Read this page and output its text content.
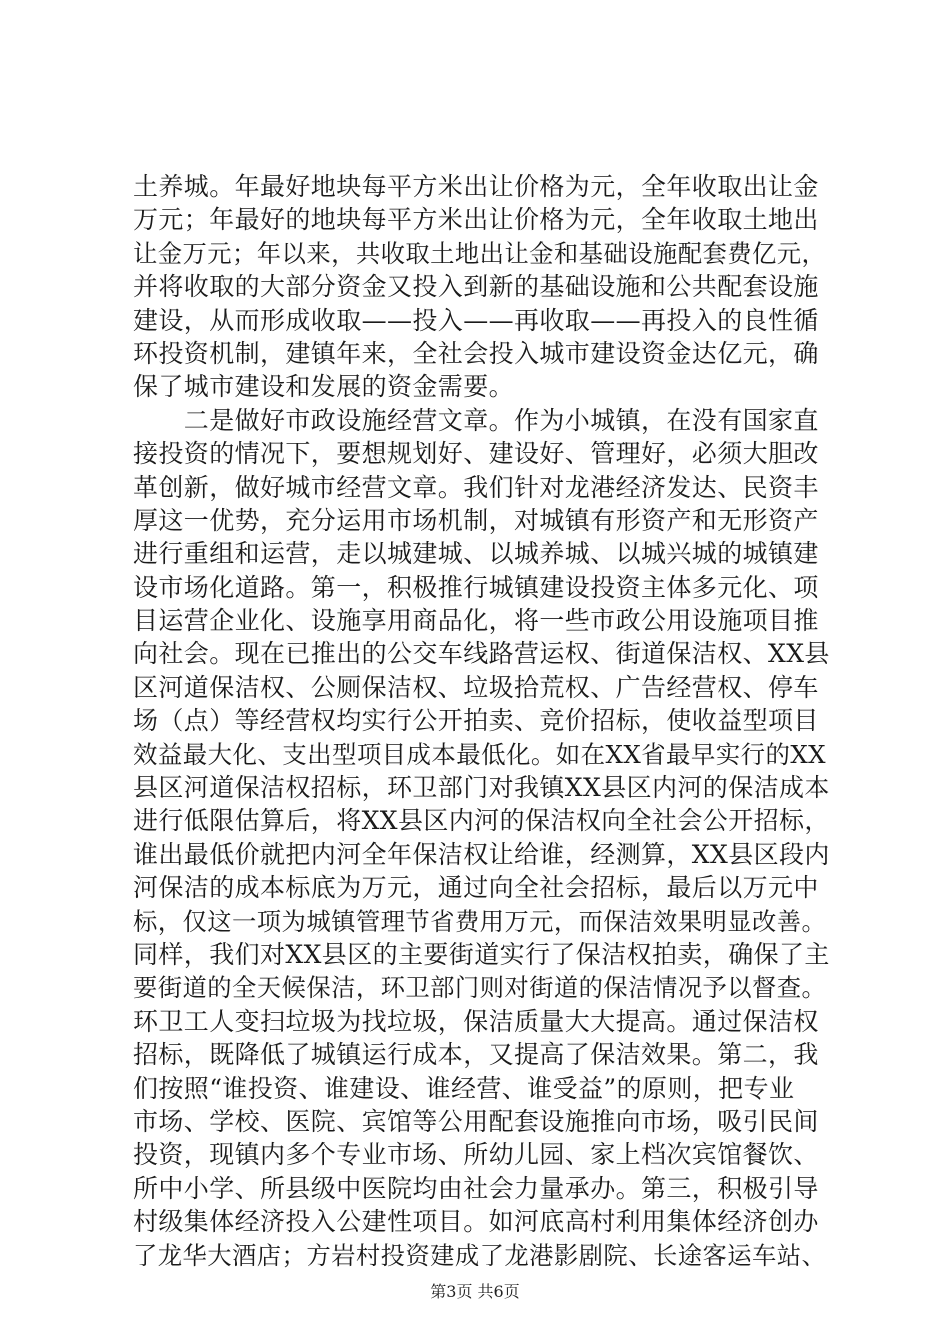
土养城。年最好地块每平方米出让价格为元，全年收取出让金
万元；年最好的地块每平方米出让价格为元，全年收取土地出
让金万元；年以来，共收取土地出让金和基础设施配套费亿元，
并将收取的大部分资金又投入到新的基础设施和公共配套设施
建设，从而形成收取——投入——再收取——再投入的良性循
环投资机制，建镇年来，全社会投入城市建设资金达亿元，确
保了城市建设和发展的资金需要。
　　二是做好市政设施经营文章。作为小城镇，在没有国家直
接投资的情况下，要想规划好、建设好、管理好，必须大胆改
革创新，做好城市经营文章。我们针对龙港经济发达、民资丰
厚这一优势，充分运用市场机制，对城镇有形资产和无形资产
进行重组和运营，走以城建城、以城养城、以城兴城的城镇建
设市场化道路。第一，积极推行城镇建设投资主体多元化、项
目运营企业化、设施享用商品化，将一些市政公用设施项目推
向社会。现在已推出的公交车线路营运权、街道保洁权、XX县
区河道保洁权、公厕保洁权、垃圾拾荒权、广告经营权、停车
场（点）等经营权均实行公开拍卖、竞价招标，使收益型项目
效益最大化、支出型项目成本最低化。如在XX省最早实行的XX
县区河道保洁权招标，环卫部门对我镇XX县区内河的保洁成本
进行低限估算后，将XX县区内河的保洁权向全社会公开招标，
谁出最低价就把内河全年保洁权让给谁，经测算，XX县区段内
河保洁的成本标底为万元，通过向全社会招标，最后以万元中
标，仅这一项为城镇管理节省费用万元，而保洁效果明显改善。
同样，我们对XX县区的主要街道实行了保洁权拍卖，确保了主
要街道的全天候保洁，环卫部门则对街道的保洁情况予以督查。
环卫工人变扫垃圾为找垃圾，保洁质量大大提高。通过保洁权
招标，既降低了城镇运行成本，又提高了保洁效果。第二，我
们按照“谁投资、谁建设、谁经营、谁受益”的原则，把专业
市场、学校、医院、宾馆等公用配套设施推向市场，吸引民间
投资，现镇内多个专业市场、所幼儿园、家上档次宾馆餐饮、
所中小学、所县级中医院均由社会力量承办。第三，积极引导
村级集体经济投入公建性项目。如河底高村利用集体经济创办
了龙华大酒店；方岩村投资建成了龙港影剧院、长途客运车站、
第3页 共6页
